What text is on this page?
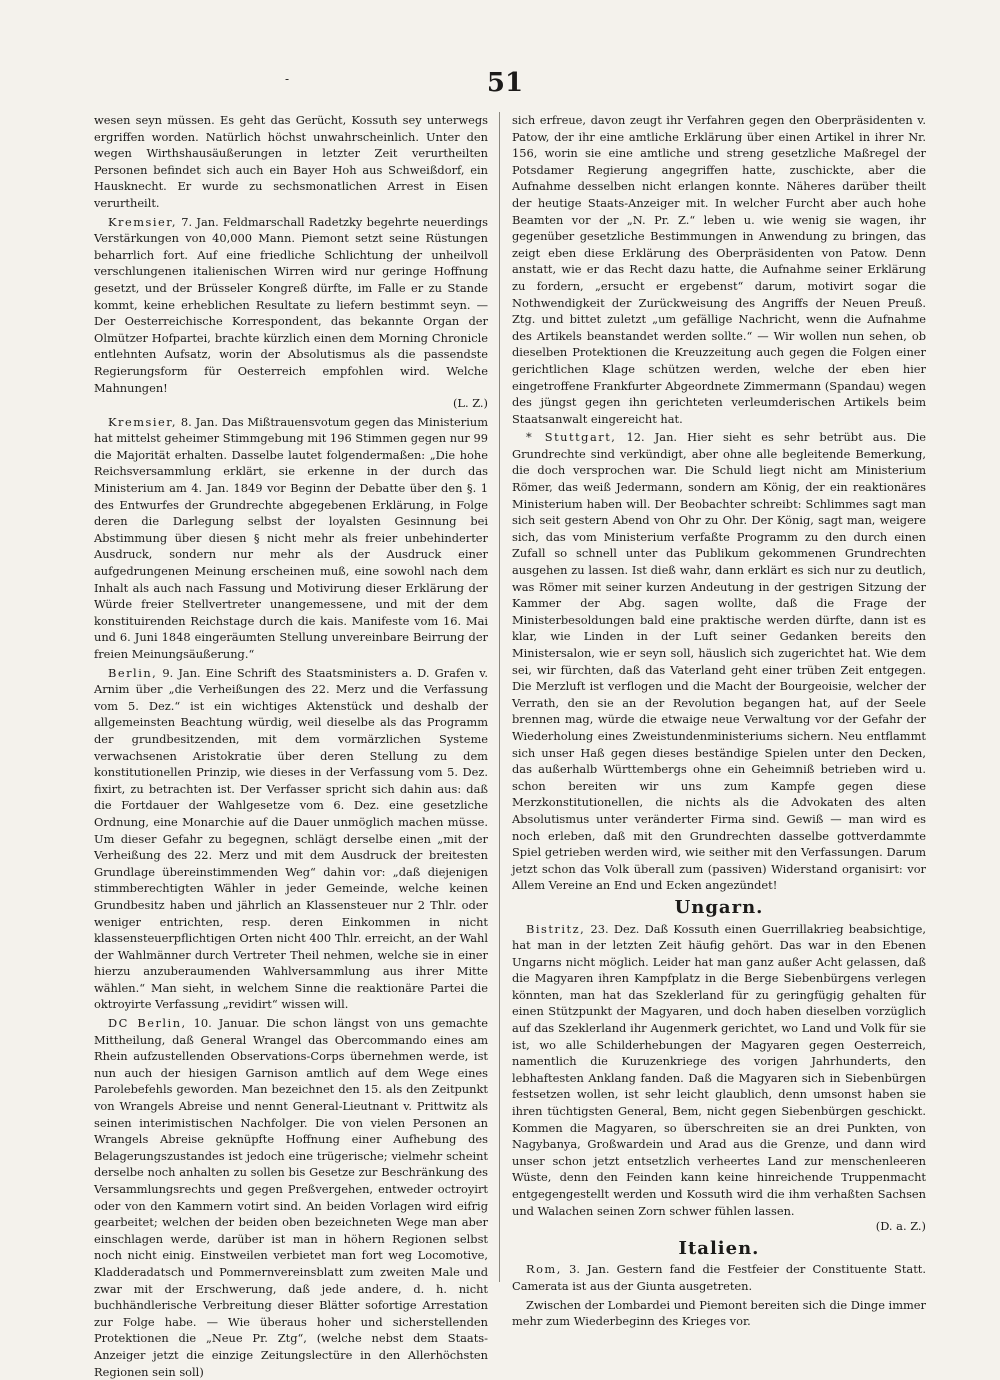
-	51

wesen seyn müssen. Es geht das Gerücht, Kossuth sey unterwegs ergriffen worden. Natürlich höchst unwahrscheinlich. Unter den wegen Wirthshausäußerungen in letzter Zeit verurtheilten Personen befindet sich auch ein Bayer Hoh aus Schweißdorf, ein Hausknecht. Er wurde zu sechsmonatlichen Arrest in Eisen verurtheilt.

Kremsier, 7. Jan. Feldmarschall Radetzky begehrte neuerdings Verstärkungen von 40,000 Mann. Piemont setzt seine Rüstungen beharrlich fort. Auf eine friedliche Schlichtung der unheilvoll verschlungenen italienischen Wirren wird nur geringe Hoffnung gesetzt, und der Brüsseler Kongreß dürfte, im Falle er zu Stande kommt, keine erheblichen Resultate zu liefern bestimmt seyn. — Der Oesterreichische Korrespondent, das bekannte Organ der Olmützer Hofpartei, brachte kürzlich einen dem Morning Chronicle entlehnten Aufsatz, worin der Absolutismus als die passendste Regierungsform für Oesterreich empfohlen wird. Welche Mahnungen!
(L. Z.)

Kremsier, 8. Jan. Das Mißtrauensvotum gegen das Ministerium hat mittelst geheimer Stimmgebung mit 196 Stimmen gegen nur 99 die Majorität erhalten. Dasselbe lautet folgendermaßen: „Die hohe Reichsversammlung erklärt, sie erkenne in der durch das Ministerium am 4. Jan. 1849 vor Beginn der Debatte über den §. 1 des Entwurfes der Grundrechte abgegebenen Erklärung, in Folge deren die Darlegung selbst der loyalsten Gesinnung bei Abstimmung über diesen § nicht mehr als freier unbehinderter Ausdruck, sondern nur mehr als der Ausdruck einer aufgedrungenen Meinung erscheinen muß, eine sowohl nach dem Inhalt als auch nach Fassung und Motivirung dieser Erklärung der Würde freier Stellvertreter unangemessene, und mit der dem konstituirenden Reichstage durch die kais. Manifeste vom 16. Mai und 6. Juni 1848 eingeräumten Stellung unvereinbare Beirrung der freien Meinungsäußerung.“

Berlin, 9. Jan. Eine Schrift des Staatsministers a. D. Grafen v. Arnim über „die Verheißungen des 22. Merz und die Verfassung vom 5. Dez.“ ist ein wichtiges Aktenstück und deshalb der allgemeinsten Beachtung würdig, weil dieselbe als das Programm der grundbesitzenden, mit dem vormärzlichen Systeme verwachsenen Aristokratie über deren Stellung zu dem konstitutionellen Prinzip, wie dieses in der Verfassung vom 5. Dez. fixirt, zu betrachten ist. Der Verfasser spricht sich dahin aus: daß die Fortdauer der Wahlgesetze vom 6. Dez. eine gesetzliche Ordnung, eine Monarchie auf die Dauer unmöglich machen müsse. Um dieser Gefahr zu begegnen, schlägt derselbe einen „mit der Verheißung des 22. Merz und mit dem Ausdruck der breitesten Grundlage übereinstimmenden Weg“ dahin vor: „daß diejenigen stimmberechtigten Wähler in jeder Gemeinde, welche keinen Grundbesitz haben und jährlich an Klassensteuer nur 2 Thlr. oder weniger entrichten, resp. deren Einkommen in nicht klassensteuerpflichtigen Orten nicht 400 Thlr. erreicht, an der Wahl der Wahlmänner durch Vertreter Theil nehmen, welche sie in einer hierzu anzuberaumenden Wahlversammlung aus ihrer Mitte wählen.“ Man sieht, in welchem Sinne die reaktionäre Partei die oktroyirte Verfassung „revidirt“ wissen will.

DC Berlin, 10. Januar. Die schon längst von uns gemachte Mittheilung, daß General Wrangel das Obercommando eines am Rhein aufzustellenden Observations-Corps übernehmen werde, ist nun auch der hiesigen Garnison amtlich auf dem Wege eines Parolebefehls geworden. Man bezeichnet den 15. als den Zeitpunkt von Wrangels Abreise und nennt General-Lieutnant v. Prittwitz als seinen interimistischen Nachfolger. Die von vielen Personen an Wrangels Abreise geknüpfte Hoffnung einer Aufhebung des Belagerungszustandes ist jedoch eine trügerische; vielmehr scheint derselbe noch anhalten zu sollen bis Gesetze zur Beschränkung des Versammlungsrechts und gegen Preßvergehen, entweder octroyirt oder von den Kammern votirt sind. An beiden Vorlagen wird eifrig gearbeitet; welchen der beiden oben bezeichneten Wege man aber einschlagen werde, darüber ist man in höhern Regionen selbst noch nicht einig. Einstweilen verbietet man fort weg Locomotive, Kladderadatsch und Pommernvereinsblatt zum zweiten Male und zwar mit der Erschwerung, daß jede andere, d. h. nicht buchhändlerische Verbreitung dieser Blätter sofortige Arrestation zur Folge habe. — Wie überaus hoher und sicherstellenden Protektionen die „Neue Pr. Ztg“, (welche nebst dem Staats-Anzeiger jetzt die einzige Zeitungslectüre in den Allerhöchsten Regionen sein soll)

sich erfreue, davon zeugt ihr Verfahren gegen den Oberpräsidenten v. Patow, der ihr eine amtliche Erklärung über einen Artikel in ihrer Nr. 156, worin sie eine amtliche und streng gesetzliche Maßregel der Potsdamer Regierung angegriffen hatte, zuschickte, aber die Aufnahme desselben nicht erlangen konnte. Näheres darüber theilt der heutige Staats-Anzeiger mit. In welcher Furcht aber auch hohe Beamten vor der „N. Pr. Z.“ leben u. wie wenig sie wagen, ihr gegenüber gesetzliche Bestimmungen in Anwendung zu bringen, das zeigt eben diese Erklärung des Oberpräsidenten von Patow. Denn anstatt, wie er das Recht dazu hatte, die Aufnahme seiner Erklärung zu fordern, „ersucht er ergebenst“ darum, motivirt sogar die Nothwendigkeit der Zurückweisung des Angriffs der Neuen Preuß. Ztg. und bittet zuletzt „um gefällige Nachricht, wenn die Aufnahme des Artikels beanstandet werden sollte.“ — Wir wollen nun sehen, ob dieselben Protektionen die Kreuzzeitung auch gegen die Folgen einer gerichtlichen Klage schützen werden, welche der eben hier eingetroffene Frankfurter Abgeordnete Zimmermann (Spandau) wegen des jüngst gegen ihn gerichteten verleumderischen Artikels beim Staatsanwalt eingereicht hat.

* Stuttgart, 12. Jan. Hier sieht es sehr betrübt aus. Die Grundrechte sind verkündigt, aber ohne alle begleitende Bemerkung, die doch versprochen war. Die Schuld liegt nicht am Ministerium Römer, das weiß Jedermann, sondern am König, der ein reaktionäres Ministerium haben will. Der Beobachter schreibt: Schlimmes sagt man sich seit gestern Abend von Ohr zu Ohr. Der König, sagt man, weigere sich, das vom Ministerium verfaßte Programm zu den durch einen Zufall so schnell unter das Publikum gekommenen Grundrechten ausgehen zu lassen. Ist dieß wahr, dann erklärt es sich nur zu deutlich, was Römer mit seiner kurzen Andeutung in der gestrigen Sitzung der Kammer der Abg. sagen wollte, daß die Frage der Ministerbesoldungen bald eine praktische werden dürfte, dann ist es klar, wie Linden in der Luft seiner Gedanken bereits den Ministersalon, wie er seyn soll, häuslich sich zugerichtet hat. Wie dem sei, wir fürchten, daß das Vaterland geht einer trüben Zeit entgegen. Die Merzluft ist verflogen und die Macht der Bourgeoisie, welcher der Verrath, den sie an der Revolution begangen hat, auf der Seele brennen mag, würde die etwaige neue Verwaltung vor der Gefahr der Wiederholung eines Zweistundenministeriums sichern. Neu entflammt sich unser Haß gegen dieses beständige Spielen unter den Decken, das außerhalb Württembergs ohne ein Geheimniß betrieben wird u. schon bereiten wir uns zum Kampfe gegen diese Merzkonstitutionellen, die nichts als die Advokaten des alten Absolutismus unter veränderter Firma sind. Gewiß — man wird es noch erleben, daß mit den Grundrechten dasselbe gottverdammte Spiel getrieben werden wird, wie seither mit den Verfassungen. Darum jetzt schon das Volk überall zum (passiven) Widerstand organisirt: vor Allem Vereine an End und Ecken angezündet!

Ungarn.

Bistritz, 23. Dez. Daß Kossuth einen Guerrillakrieg beabsichtige, hat man in der letzten Zeit häufig gehört. Das war in den Ebenen Ungarns nicht möglich. Leider hat man ganz außer Acht gelassen, daß die Magyaren ihren Kampfplatz in die Berge Siebenbürgens verlegen könnten, man hat das Szeklerland für zu geringfügig gehalten für einen Stützpunkt der Magyaren, und doch haben dieselben vorzüglich auf das Szeklerland ihr Augenmerk gerichtet, wo Land und Volk für sie ist, wo alle Schilderhebungen der Magyaren gegen Oesterreich, namentlich die Kuruzenkriege des vorigen Jahrhunderts, den lebhaftesten Anklang fanden. Daß die Magyaren sich in Siebenbürgen festsetzen wollen, ist sehr leicht glaublich, denn umsonst haben sie ihren tüchtigsten General, Bem, nicht gegen Siebenbürgen geschickt. Kommen die Magyaren, so überschreiten sie an drei Punkten, von Nagybanya, Großwardein und Arad aus die Grenze, und dann wird unser schon jetzt entsetzlich verheertes Land zur menschenleeren Wüste, denn den Feinden kann keine hinreichende Truppenmacht entgegengestellt werden und Kossuth wird die ihm verhaßten Sachsen und Walachen seinen Zorn schwer fühlen lassen.
(D. a. Z.)

Italien.

Rom, 3. Jan. Gestern fand die Festfeier der Constituente Statt. Camerata ist aus der Giunta ausgetreten.

Zwischen der Lombardei und Piemont bereiten sich die Dinge immer mehr zum Wiederbeginn des Krieges vor.
